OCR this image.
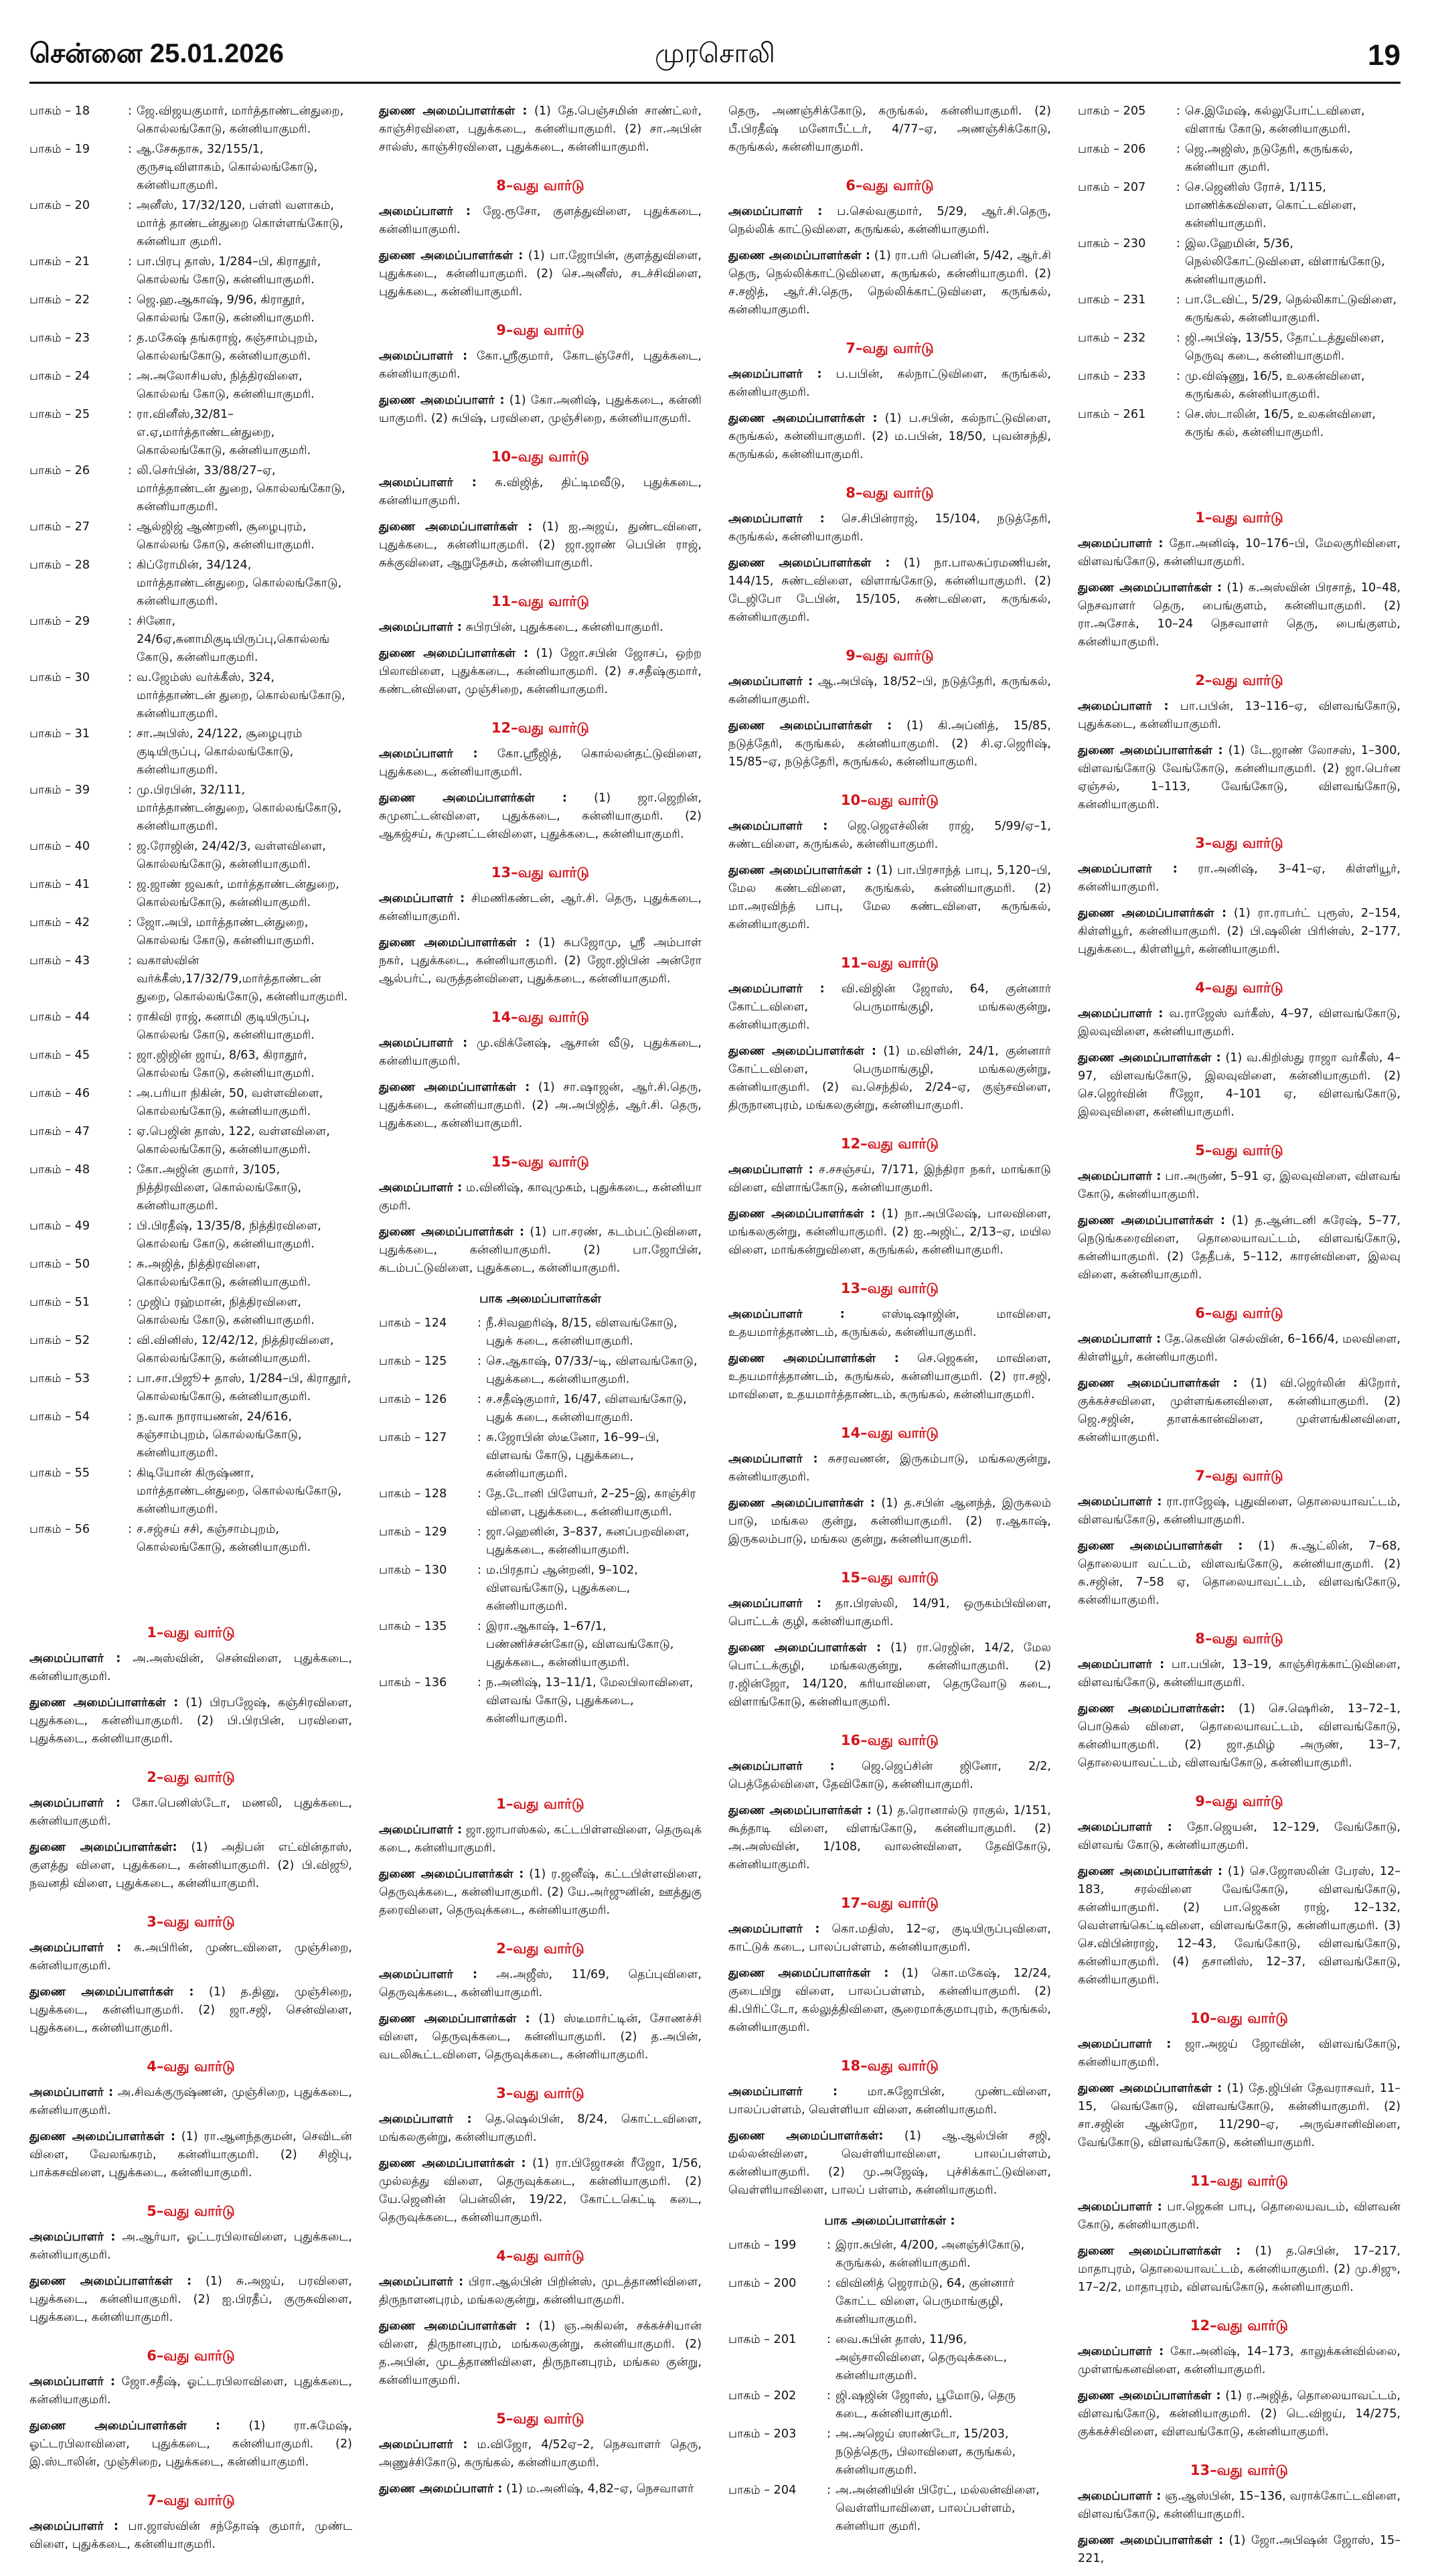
சென்னை 25.01.2026	முரசொலி	19
பாகம் – 18	: ஜே.விஜயகுமார், மார்த்தாண்டன்துறை, கொல்லங்கோடு, கன்னியாகுமரி.
பாகம் – 19	: ஆ.சேசுதாசு, 32/155/1, குருசடிவிளாகம், கொல்லங்கோடு, கன்னியாகுமரி.
பாகம் – 20	: அனீஸ், 17/32/120, பள்ளி வளாகம், மார்த் தாண்டன்துறை கொள்ளங்கோடு, கன்னியா குமரி.
பாகம் – 21	: பா.பிரபு தாஸ், 1/284–பி, கிராதூர், கொல்லங் கோடு, கன்னியாகுமரி.
பாகம் – 22	: ஜெ.ஹ.ஆகாஷ், 9/96, கிராதூர், கொல்லங் கோடு, கன்னியாகுமரி.
பாகம் – 23	: த.மகேஷ் தங்கராஜ், கஞ்சாம்புறம், கொல்லங்கோடு, கன்னியாகுமரி.
பாகம் – 24	: அ.அலோசியஸ், நித்திரவிளை, கொல்லங் கோடு, கன்னியாகுமரி.
பாகம் – 25	: ரா.வினீஸ்,32/81–எ.ஏ,மார்த்தாண்டன்துறை, கொல்லங்கோடு, கன்னியாகுமரி.
பாகம் – 26	: லி.செர்பின், 33/88/27–ஏ, மார்த்தாண்டன் துறை, கொல்லங்கோடு, கன்னியாகுமரி.
பாகம் – 27	: ஆல்ஜிஜ் ஆண்றனி, சூழைபுரம், கொல்லங் கோடு, கன்னியாகுமரி.
பாகம் – 28	: கிப்ரோமின், 34/124, மார்த்தாண்டன்துறை, கொல்லங்கோடு, கன்னியாகுமரி.
பாகம் – 29	: சினோ, 24/6ஏ,சுனாமிகுடியிருப்பு,கொல்லங் கோடு, கன்னியாகுமரி.
பாகம் – 30	: வ.ஜேம்ஸ் வர்க்கீஸ், 324, மார்த்தாண்டன் துறை, கொல்லங்கோடு, கன்னியாகுமரி.
பாகம் – 31	: சா.அபிஸ், 24/122, சூழைபுரம் குடியிருப்பு, கொல்லங்கோடு, கன்னியாகுமரி.
பாகம் – 39	: மு.பிரபின், 32/111, மார்த்தாண்டன்துறை, கொல்லங்கோடு, கன்னியாகுமரி.
பாகம் – 40	: ஜ.ரோஜின், 24/42/3, வள்ளவிளை, கொல்லங்கோடு, கன்னியாகுமரி.
பாகம் – 41	: ஜ.ஜாண் ஜவகர், மார்த்தாண்டன்துறை, கொல்லங்கோடு, கன்னியாகுமரி.
பாகம் – 42	: ஜோ.அபி, மார்த்தாண்டன்துறை, கொல்லங் கோடு, கன்னியாகுமரி.
பாகம் – 43	: வகாஸ்வின் வர்க்கீஸ்,17/32/79,மார்த்தாண்டன் துறை, கொல்லங்கோடு, கன்னியாகுமரி.
பாகம் – 44	: ராகிவி ராஜ், சுனாமி குடியிருப்பு, கொல்லங் கோடு, கன்னியாகுமரி.
பாகம் – 45	: ஜா.ஜிஜின் ஜாய், 8/63, கிராதூர், கொல்லங் கோடு, கன்னியாகுமரி.
பாகம் – 46	: அ.பரியா நிகின், 50, வள்ளவிளை, கொல்லங்கோடு, கன்னியாகுமரி.
பாகம் – 47	: ஏ.பெஜின் தாஸ், 122, வள்ளவிளை, கொல்லங்கோடு, கன்னியாகுமரி.
பாகம் – 48	: கோ.அஜின் குமார், 3/105, நித்திரவிளை, கொல்லங்கோடு, கன்னியாகுமரி.
பாகம் – 49	: பி.பிரதீஷ், 13/35/8, நித்திரவிளை, கொல்லங் கோடு, கன்னியாகுமரி.
பாகம் – 50	: சு.அஜித், நித்திரவிளை, கொல்லங்கோடு, கன்னியாகுமரி.
பாகம் – 51	: முஜிப் ரஹ்மான், நித்திரவிளை, கொல்லங் கோடு, கன்னியாகுமரி.
பாகம் – 52	: வி.வினிஸ், 12/42/12, நித்திரவிளை, கொல்லங்கோடு, கன்னியாகுமரி.
பாகம் – 53	: பா.சா.பிஜூ+ தாஸ், 1/284–பி, கிராதூர், கொல்லங்கோடு, கன்னியாகுமரி.
பாகம் – 54	: ந.வாசு நாராயணன், 24/616, கஞ்சாம்புறம், கொல்லங்கோடு, கன்னியாகுமரி.
பாகம் – 55	: கிடியோன் கிருஷ்ணா, மார்த்தாண்டன்துறை, கொல்லங்கோடு, கன்னியாகுமரி.
பாகம் – 56	: ச.சஜ்சய் சசி, கஞ்சாம்புறம், கொல்லங்கோடு, கன்னியாகுமரி.
1–வது வார்டு
அமைப்பாளர் : அ.அஸ்வின், சென்விளை, புதுக்கடை, கன்னியாகுமரி.
துணை அமைப்பாளர்கள் : (1) பிரபஜேஷ், கஞ்சிரவிளை, புதுக்கடை, கன்னியாகுமரி. (2) பி.பிரபின், பரவிளை, புதுக்கடை, கன்னியாகுமரி.
2–வது வார்டு
அமைப்பாளர் : கோ.பெனிஸ்டோ, மணலி, புதுக்கடை, கன்னியாகுமரி.
துணை அமைப்பாளர்கள்: (1) அதிபன் எட்வின்தாஸ், குளத்து விளை, புதுக்கடை, கன்னியாகுமரி. (2) பி.விஜூ, நவனதி விளை, புதுக்கடை, கன்னியாகுமரி.
3–வது வார்டு
அமைப்பாளர் : சு.அபிரின், முண்டவிளை, முஞ்சிறை, கன்னியாகுமரி.
துணை அமைப்பாளர்கள் : (1) த.தினு, முஞ்சிறை, புதுக்கடை, கன்னியாகுமரி. (2) ஜா.சஜி, சென்விளை, புதுக்கடை, கன்னியாகுமரி.
4–வது வார்டு
அமைப்பாளர் : அ.சிவக்குருஷ்ணன், முஞ்சிறை, புதுக்கடை, கன்னியாகுமரி.
துணை அமைப்பாளர்கள் : (1) ரா.ஆனந்தகுமன், செவிடன் விளை, வேலங்கரம், கன்னியாகுமரி. (2) சிஜிபு, பாக்கசவிளை, புதுக்கடை, கன்னியாகுமரி.
5–வது வார்டு
அமைப்பாளர் : அ.ஆர்யா, ஓட்டரபிலாவிளை, புதுக்கடை, கன்னியாகுமரி.
துணை அமைப்பாளர்கள் : (1) சு.அஜய், பரவிளை, புதுக்கடை, கன்னியாகுமரி. (2) ஐ.பிரதீப், குருசுவிளை, புதுக்கடை, கன்னியாகுமரி.
6–வது வார்டு
அமைப்பாளர் : ஜோ.சதீஷ், ஓட்டரபிலாவிளை, புதுக்கடை, கன்னியாகுமரி.
துணை அமைப்பாளர்கள் : (1) ரா.சுமேஷ், ஓட்டரபிலாவிளை, புதுக்கடை, கன்னியாகுமரி. (2) இ.ஸ்டாலின், முஞ்சிறை, புதுக்கடை, கன்னியாகுமரி.
7–வது வார்டு
அமைப்பாளர் : பா.ஜாஸ்வின் சந்தோஷ் குமார், முண்ட விளை, புதுக்கடை, கன்னியாகுமரி.
துணை அமைப்பாளர்கள் : (1) தே.பெஞ்சமின் சாண்ட்லர், காஞ்சிரவிளை, புதுக்கடை, கன்னியாகுமரி. (2) சா.அபின் சால்ஸ், காஞ்சிரவிளை, புதுக்கடை, கன்னியாகுமரி.
8–வது வார்டு
அமைப்பாளர் : ஜே.ரூசோ, குளத்துவிளை, புதுக்கடை, கன்னியாகுமரி.
துணை அமைப்பாளர்கள் : (1) பா.ஜோபின், குளத்துவிளை, புதுக்கடை, கன்னியாகுமரி. (2) செ.அனீஸ், சடச்சிவிளை, புதுக்கடை, கன்னியாகுமரி.
9–வது வார்டு
அமைப்பாளர் : கோ.ஸ்ரீகுமார், கோடஞ்சேரி, புதுக்கடை, கன்னியாகுமரி.
துணை அமைப்பாளர் : (1) கோ.அனிஷ், புதுக்கடை, கன்னி யாகுமரி. (2) சுபிஷ், பரவிளை, முஞ்சிறை, கன்னியாகுமரி.
10–வது வார்டு
அமைப்பாளர் : சு.விஜித், திட்டிமவீடு, புதுக்கடை, கன்னியாகுமரி.
துணை அமைப்பாளர்கள் : (1) ஐ.அஜய், துண்டவிளை, புதுக்கடை, கன்னியாகுமரி. (2) ஜா.ஜாண் பெபின் ராஜ், சுக்குவிளை, ஆறுதேசம், கன்னியாகுமரி.
11–வது வார்டு
அமைப்பாளர் : சுபிரபின், புதுக்கடை, கன்னியாகுமரி.
துணை அமைப்பாளர்கள் : (1) ஜோ.சபின் ஜோசப், ஒற்ற பிலாவிளை, புதுக்கடை, கன்னியாகுமரி. (2) ச.சதீஷ்குமார், கண்டன்விளை, முஞ்சிறை, கன்னியாகுமரி.
12–வது வார்டு
அமைப்பாளர் : கோ.ஸ்ரீஜித், கொல்லன்தட்டுவிளை, புதுக்கடை, கன்னியாகுமரி.
துணை அமைப்பாளர்கள் : (1) ஜா.ஜெறின், சுமுனட்டன்விளை, புதுக்கடை, கன்னியாகுமரி. (2) ஆசுஜ்சய், சுமுனட்டன்விளை, புதுக்கடை, கன்னியாகுமரி.
13–வது வார்டு
அமைப்பாளர் : சிமணிகண்டன், ஆர்.சி. தெரு, புதுக்கடை, கன்னியாகுமரி.
துணை அமைப்பாளர்கள் : (1) சுபஜோமு, ஸ்ரீ அம்பாள் நகர், புதுக்கடை, கன்னியாகுமரி. (2) ஜோ.ஜிபின் அன்ரோ ஆல்பர்ட், வருத்தன்விளை, புதுக்கடை, கன்னியாகுமரி.
14–வது வார்டு
அமைப்பாளர் : மு.விக்னேஷ், ஆசான் வீடு, புதுக்கடை, கன்னியாகுமரி.
துணை அமைப்பாளர்கள் : (1) சா.ஷாஜன், ஆர்.சி.தெரு, புதுக்கடை, கன்னியாகுமரி. (2) அ.அபிஜித், ஆர்.சி. தெரு, புதுக்கடை, கன்னியாகுமரி.
15–வது வார்டு
அமைப்பாளர் : ம.வினிஷ், காவுமுகம், புதுக்கடை, கன்னியா குமரி.
துணை அமைப்பாளர்கள் : (1) பா.சரண், கடம்பட்டுவிளை, புதுக்கடை, கன்னியாகுமரி. (2) பா.ஜோபின், கடம்பட்டுவிளை, புதுக்கடை, கன்னியாகுமரி.
பாக அமைப்பாளர்கள்
பாகம் – 124	: நீ.சிவஹரிஷ், 8/15, விளவங்கோடு, புதுக் கடை, கன்னியாகுமரி.
பாகம் – 125	: செ.ஆகாஷ், 07/33/–டி, விளவங்கோடு, புதுக்கடை, கன்னியாகுமரி.
பாகம் – 126	: ச.சதீஷ்குமார், 16/47, விளவங்கோடு, புதுக் கடை, கன்னியாகுமரி.
பாகம் – 127	: சு.ஜோபின் ஸ்டீனோ, 16–99–பி, விளவங் கோடு, புதுக்கடை, கன்னியாகுமரி.
பாகம் – 128	: தே.டோனி பிளேயர், 2–25–இ, காஞ்சிர விளை, புதுக்கடை, கன்னியாகுமரி.
பாகம் – 129	: ஜா.ஹெனின், 3–837, சுனப்பறவிளை, புதுக்கடை, கன்னியாகுமரி.
பாகம் – 130	: ம.பிரதாப் ஆன்றனி, 9–102, விளவங்கோடு, புதுக்கடை, கன்னியாகுமரி.
பாகம் – 135	: இரா.ஆகாஷ், 1–67/1, பண்ணிச்சன்கோடு, விளவங்கோடு, புதுக்கடை, கன்னியாகுமரி.
பாகம் – 136	: ந.அனிஷ், 13–11/1, மேலபிலாவிளை, விளவங் கோடு, புதுக்கடை, கன்னியாகுமரி.
1–வது வார்டு
அமைப்பாளர் : ஜா.ஜாபாஸ்கல், கட்டபிள்ளவிளை, தெருவுக் கடை, கன்னியாகுமரி.
துணை அமைப்பாளர்கள் : (1) ர.ஜனீஷ், கட்டபிள்ளவிளை, தெருவுக்கடை, கன்னியாகுமரி. (2) யே.அர்ஜுனின், ஊத்துகு தரைவிளை, தெருவுக்கடை, கன்னியாகுமரி.
2–வது வார்டு
அமைப்பாளர் : அ.அஜீஸ், 11/69, தெப்புவிளை, தெருவுக்கடை, கன்னியாகுமரி.
துணை அமைப்பாளர்கள் : (1) ஸ்டீமார்ட்டின், சோணச்சி விளை, தெருவுக்கடை, கன்னியாகுமரி. (2) த.அபின், வடலிகூட்டவிளை, தெருவுக்கடை, கன்னியாகுமரி.
3–வது வார்டு
அமைப்பாளர் : தெ.ஷெல்பின், 8/24, கொட்டவிளை, மங்கலகுன்று, கன்னியாகுமரி.
துணை அமைப்பாளர்கள் : (1) ரா.பிஜோசன் ரீஜோ, 1/56, முல்லத்து விளை, தெருவுக்கடை, கன்னியாகுமரி. (2) யே.ஜெனின் பென்லின், 19/22, கோட்டகெட்டி கடை, தெருவுக்கடை, கன்னியாகுமரி.
4–வது வார்டு
அமைப்பாளர் : பிரா.ஆல்பின் பிறின்ஸ், முடத்தாணிவிளை, திருநாளனபுரம், மங்கலகுன்று, கன்னியாகுமரி.
துணை அமைப்பாளர்கள் : (1) ஞ.அகிலன், சக்கச்சியான் விளை, திருநானபுரம், மங்கலகுன்று, கன்னியாகுமரி. (2) த.அபின், முடத்தாணிவிளை, திருநானபுரம், மங்கல குன்று, கன்னியாகுமரி.
5–வது வார்டு
அமைப்பாளர் : ம.விஜோ, 4/52ஏ–2, நெசவாளர் தெரு, அணுச்சிகோடு, கருங்கல், கன்னியாகுமரி.
துணை அமைப்பாளர் : (1) ம.அனிஷ், 4,82–ஏ, நெசவாளர்
தெரு, அணஞ்சிக்கோடு, கருங்கல், கன்னியாகுமரி. (2) பீ.பிரதீஷ் மனோபீட்டர், 4/77–ஏ, அணஞ்சிக்கோடு, கருங்கல், கன்னியாகுமரி.
6–வது வார்டு
அமைப்பாளர் : ப.செல்வகுமார், 5/29, ஆர்.சி.தெரு, நெல்லிக் காட்டுவிளை, கருங்கல், கன்னியாகுமரி.
துணை அமைப்பாளர்கள் : (1) ரா.பரி பெனின், 5/42, ஆர்.சி தெரு, நெல்லிக்காட்டுவிளை, கருங்கல், கன்னியாகுமரி. (2) ச.சஜித், ஆர்.சி.தெரு, நெல்லிக்காட்டுவிளை, கருங்கல், கன்னியாகுமரி.
7–வது வார்டு
அமைப்பாளர் : ப.பபின், கல்நாட்டுவிளை, கருங்கல், கன்னியாகுமரி.
துணை அமைப்பாளர்கள் : (1) ப.சபின், கல்நாட்டுவிளை, கருங்கல், கன்னியாகுமரி. (2) ம.பபின், 18/50, புவன்சந்தி, கருங்கல், கன்னியாகுமரி.
8–வது வார்டு
அமைப்பாளர் : செ.சிபின்ராஜ், 15/104, நடுத்தேரி, கருங்கல், கன்னியாகுமரி.
துணை அமைப்பாளர்கள் : (1) நா.பாலசுப்ரமணியன், 144/15, சுண்டவிளை, விளாங்கோடு, கன்னியாகுமரி. (2) டேஜிபோ டேபின், 15/105, சுண்டவிளை, கருங்கல், கன்னியாகுமரி.
9–வது வார்டு
அமைப்பாளர் : ஆ.அபிஷ், 18/52–பி, நடுத்தேரி, கருங்கல், கன்னியாகுமரி.
துணை அமைப்பாளர்கள் : (1) கி.அப்னித், 15/85, நடுத்தேரி, கருங்கல், கன்னியாகுமரி. (2) சி.ஏ.ஜெரிஷ், 15/85–ஏ, நடுத்தேரி, கருங்கல், கன்னியாகுமரி.
10–வது வார்டு
அமைப்பாளர் : ஜெ.ஜெஎச்லின் ராஜ், 5/99/ஏ–1, சுண்டவிளை, கருங்கல், கன்னியாகுமரி.
துணை அமைப்பாளர்கள் : (1) பா.பிரசாந்த் பாபு, 5,120–பி, மேல கண்டவிளை, கருங்கல், கன்னியாகுமரி. (2) மா.அரவிந்த் பாபு, மேல கண்டவிளை, கருங்கல், கன்னியாகுமரி.
11–வது வார்டு
அமைப்பாளர் : வி.விஜின் ஜோஸ், 64, குன்னார் கோட்டவிளை, பெருமாங்குழி, மங்கலகுன்று, கன்னியாகுமரி.
துணை அமைப்பாளர்கள் : (1) ம.விளின், 24/1, குன்னார் கோட்டவிளை, பெருமாங்குழி, மங்கலகுன்று, கன்னியாகுமரி. (2) வ.செந்தில், 2/24–ஏ, குஞ்சவிளை, திருநானபுரம், மங்கலகுன்று, கன்னியாகுமரி.
12–வது வார்டு
அமைப்பாளர் : ச.சசஞ்சய், 7/171, இந்திரா நகர், மாங்காடு விளை, விளாங்கோடு, கன்னியாகுமரி.
துணை அமைப்பாளர்கள் : (1) நா.அபிலேஷ், பாலவிளை, மங்கலகுன்று, கன்னியாகுமரி. (2) ஐ.அஜிட், 2/13–ஏ, மயில விளை, மாங்கன்றுவிளை, கருங்கல், கன்னியாகுமரி.
13–வது வார்டு
அமைப்பாளர் :	எஸ்டிஷாஜின், மாவிளை, உதயமார்த்தாண்டம், கருங்கல், கன்னியாகுமரி.
துணை அமைப்பாளர்கள் : செ.ஜெகன், மாவிளை, உதயமார்த்தாண்டம், கருங்கல், கன்னியாகுமரி. (2) ரா.சஜி, மாவிளை, உதயமார்த்தாண்டம், கருங்கல், கன்னியாகுமரி.
14–வது வார்டு
அமைப்பாளர் : சுசரவணன், இருகம்பாடு, மங்கலகுன்று, கன்னியாகுமரி.
துணை அமைப்பாளர்கள் : (1) த.சபின் ஆனந்த், இருகலம் பாடு, மங்கல குன்று, கன்னியாகுமரி. (2) ர.ஆகாஷ், இருகலம்பாடு, மங்கல குன்று, கன்னியாகுமரி.
15–வது வார்டு
அமைப்பாளர் : தா.பிரஸ்லி, 14/91, ஒருகம்பிவிளை, பொட்டக் குழி, கன்னியாகுமரி.
துணை அமைப்பாளர்கள் : (1) ரா.ரெஜின், 14/2, மேல பொட்டக்குழி, மங்கலகுன்று, கன்னியாகுமரி. (2) ர.ஜின்ஜோ, 14/120, கரியாவிளை, தெருவோடு கடை, விளாங்கோடு, கன்னியாகுமரி.
16–வது வார்டு
அமைப்பாளர் : ஜெ.ஜெப்சின் ஜினோ, 2/2, பெத்தேல்விளை, தேவிகோடு, கன்னியாகுமரி.
துணை அமைப்பாளர்கள் : (1) த.ரொனால்டு ராகுல், 1/151, கூத்தாடி விளை, விளங்கோடு, கன்னியாகுமரி. (2) அ.அஸ்வின், 1/108, வாலன்விளை, தேவிகோடு, கன்னியாகுமரி.
17–வது வார்டு
அமைப்பாளர் : கொ.மதிஸ், 12–ஏ, குடியிருப்புவிளை, காட்டுக் கடை, பாலப்பள்ளம், கன்னியாகுமரி.
துணை அமைப்பாளர்கள் : (1) கொ.மகேஷ், 12/24, குடையிறு விளை, பாலப்பள்ளம், கன்னியாகுமரி. (2) கி.பிரிட்டோ, கல்லுத்திவிளை, சூரைமாக்குமாபுரம், கருங்கல், கன்னியாகுமரி.
18–வது வார்டு
அமைப்பாளர் :	மா.சுஜோபின், முண்டவிளை, பாலப்பள்ளம், வெள்ளியா விளை, கன்னியாகுமரி.
துணை அமைப்பாளர்கள்: (1) ஆ.ஆல்பின் சஜி, மல்லன்விளை, வெள்ளியாவிளை, பாலப்பள்ளம், கன்னியாகுமரி. (2) மு.அஜேஷ், புச்சிக்காட்டுவிளை, வெள்ளியாவிளை, பாலப் பள்ளம், கன்னியாகுமரி.
பாக அமைப்பாளர்கள் :
பாகம் – 199	: இரா.சுபின், 4/200, அனஞ்சிகோடு, கருங்கல், கன்னியாகுமரி.
பாகம் – 200	: விவினித் ஜெராம்டு, 64, குன்னார் கோட்ட விளை, பெருமாங்குழி, கன்னியாகுமரி.
பாகம் – 201	: வை.சுபின் தாஸ், 11/96, அஞ்சாலிவிளை, தெருவுக்கடை, கன்னியாகுமரி.
பாகம் – 202	: ஜி.ஷஜின் ஜோஸ், பூமோடு, தெரு கடை, கன்னியாகுமரி.
பாகம் – 203	: அ.அஜெய் ஸாண்டோ, 15/203, நடுத்தெரு, பிலாவிளை, கருங்கல், கன்னியாகுமரி.
பாகம் – 204	: அ.அன்னியின் பிரேட், மல்லன்விளை, வெள்ளியாவிளை, பாலப்பள்ளம், கன்னியா குமரி.
பாகம் – 205	: செ.இமேஷ், கல்லுபோட்டவிளை, விளாங் கோடு, கன்னியாகுமரி.
பாகம் – 206	: ஜெ.அஜிஸ், நடுதேரி, கருங்கல், கன்னியா குமரி.
பாகம் – 207	: செ.ஜெனிஸ் ரோச், 1/115, மாணிக்கவிளை, கொட்டவிளை, கன்னியாகுமரி.
பாகம் – 230	: இல.ஹேமின், 5/36, நெல்லிகோட்டுவிளை, விளாங்கோடு, கன்னியாகுமரி.
பாகம் – 231	: பா.டேவிட், 5/29, நெல்லிகாட்டுவிளை, கருங்கல், கன்னியாகுமரி.
பாகம் – 232	: ஜி.அபிஷ், 13/55, தோட்டத்துவிளை, நெருவு கடை, கன்னியாகுமரி.
பாகம் – 233	: மு.விஷ்ணு, 16/5, உலகன்விளை, கருங்கல், கன்னியாகுமரி.
பாகம் – 261	: செ.ஸ்டாலின், 16/5, உலகன்விளை, கருங் கல், கன்னியாகுமரி.
1–வது வார்டு
அமைப்பாளர் : தோ.அனிஷ், 10–176–பி, மேலகுரிவிளை, விளவங்கோடு, கன்னியாகுமரி.
துணை அமைப்பாளர்கள் : (1) க.அஸ்வின் பிரசாத், 10–48, நெசவாளர் தெரு, பைங்குளம், கன்னியாகுமரி. (2) ரா.அசோக், 10–24 நெசவாளர் தெரு, பைங்குளம், கன்னியாகுமரி.
2–வது வார்டு
அமைப்பாளர் : பா.பபின், 13–116–ஏ, விளவங்கோடு, புதுக்கடை, கன்னியாகுமரி.
துணை அமைப்பாளர்கள் : (1) டே.ஜாண் லோசஸ், 1–300, விளவங்கோடு வேங்கோடு, கன்னியாகுமரி. (2) ஜா.பெர்ன ஏஞ்சல், 1–113, வேங்கோடு, விளவங்கோடு, கன்னியாகுமரி.
3–வது வார்டு
அமைப்பாளர் : ரா.அனிஷ், 3–41–ஏ, கிள்ளியூர், கன்னியாகுமரி.
துணை அமைப்பாளர்கள் : (1) ரா.ராபர்ட் புரூஸ், 2–154, கிள்ளியூர், கன்னியாகுமரி. (2) பி.ஷலின் பிரின்ஸ், 2–177, புதுக்கடை, கிள்ளியூர், கன்னியாகுமரி.
4–வது வார்டு
அமைப்பாளர் : வ.ராஜேஸ் வர்கீஸ், 4–97, விளவங்கோடு, இலவுவிளை, கன்னியாகுமரி.
துணை அமைப்பாளர்கள் : (1) வ.கிறிஸ்து ராஜா வர்கீஸ், 4–97, விளவங்கோடு, இலவுவிளை, கன்னியாகுமரி. (2) செ.ஜெர்வின் ரீஜோ, 4–101 ஏ, விளவங்கோடு, இலவுவிளை, கன்னியாகுமரி.
5–வது வார்டு
அமைப்பாளர் : பா.அருண், 5–91 ஏ, இலவுவிளை, விளவங் கோடு, கன்னியாகுமரி.
துணை அமைப்பாளர்கள் : (1) த.ஆன்டனி சுரேஷ், 5–77, நெடுங்கரைவிளை, தொலையாவட்டம், விளவங்கோடு, கன்னியாகுமரி. (2) தேதீபக், 5–112, காரன்விளை, இலவு விளை, கன்னியாகுமரி.
6–வது வார்டு
அமைப்பாளர் : தே.கெவின் செல்வின், 6–166/4, மலவிளை, கிள்ளியூர், கன்னியாகுமரி.
துணை அமைப்பாளர்கள் : (1) வி.ஜெர்லின் கிறோர், குக்கச்சவிளை, முள்ளங்கனவிளை, கன்னியாகுமரி. (2) ஜெ.சஜின், தாளக்கான்விளை, முள்ளங்கினவிளை, கன்னியாகுமரி.
7–வது வார்டு
அமைப்பாளர் : ரா.ராஜேஷ், புதுவிளை, தொலையாவட்டம், விளவங்கோடு, கன்னியாகுமரி.
துணை அமைப்பாளர்கள் : (1) சு.ஆட்லின், 7–68, தொலையா வட்டம், விளவங்கோடு, கன்னியாகுமரி. (2) சு.சஜின், 7–58 ஏ, தொலையாவட்டம், விளவங்கோடு, கன்னியாகுமரி.
8–வது வார்டு
அமைப்பாளர் : பா.பபின், 13–19, காஞ்சிரக்காட்டுவிளை, விளவங்கோடு, கன்னியாகுமரி.
துணை அமைப்பாளர்கள்: (1) செ.ஷெரின், 13–72–1, பொடுகல் விளை, தொலையாவட்டம், விளவங்கோடு, கன்னியாகுமரி. (2) ஜா.தமிழ் அருண், 13–7, தொலையாவட்டம், விளவங்கோடு, கன்னியாகுமரி.
9–வது வார்டு
அமைப்பாளர் : தோ.ஜெயன், 12–129, வேங்கோடு, விளவங் கோடு, கன்னியாகுமரி.
துணை அமைப்பாளர்கள் : (1) செ.ஜோஸலின் பேரஸ், 12–183, சரல்விளை வேங்கோடு, விளவங்கோடு, கன்னியாகுமரி. (2) பா.ஜெகன் ராஜ், 12–132, வெள்ளங்கெட்டிவிளை, விளவங்கோடு, கன்னியாகுமரி. (3) செ.விபின்ராஜ், 12–43, வேங்கோடு, விளவங்கோடு, கன்னியாகுமரி. (4) தசானிஸ், 12–37, விளவங்கோடு, கன்னியாகுமரி.
10–வது வார்டு
அமைப்பாளர் : ஜா.அஜய் ஜோவின், விளவங்கோடு, கன்னியாகுமரி.
துணை அமைப்பாளர்கள் : (1) தே.ஜிபின் தேவராசவர், 11–15, வெங்கோடு, விளவங்கோடு, கன்னியாகுமரி. (2) சா.சஜின் ஆன்றோ, 11/290–ஏ, அருவ்சானிவிளை, வேங்கோடு, விளவங்கோடு, கன்னியாகுமரி.
11–வது வார்டு
அமைப்பாளர் : பா.ஜெகன் பாபு, தொலையவடம், விளவன் கோடு, கன்னியாகுமரி.
துணை அமைப்பாளர்கள் : (1) த.செபின், 17–217, மாதாபுரம், தொலையாவட்டம், கன்னியாகுமரி. (2) மு.சிஜு, 17–2/2, மாதாபுரம், விளவங்கோடு, கன்னியாகுமரி.
12–வது வார்டு
அமைப்பாளர் : கோ.அனிஷ், 14–173, காலுக்கன்வில்லை, முள்ளங்கனவிளை, கன்னியாகுமரி.
துணை அமைப்பாளர்கள் : (1) ர.அஜித், தொலையாவட்டம், விளவங்கோடு, கன்னியாகுமரி. (2) டெ.விஜய், 14/275, குக்கச்சிவிளை, விளவங்கோடு, கன்னியாகுமரி.
13–வது வார்டு
அமைப்பாளர் : ஞ.ஆஸ்பின், 15–136, வராக்கோட்டவிளை, விளவங்கோடு, கன்னியாகுமரி.
துணை அமைப்பாளர்கள் : (1) ஜோ.அபிஷன் ஜோஸ், 15–221,
